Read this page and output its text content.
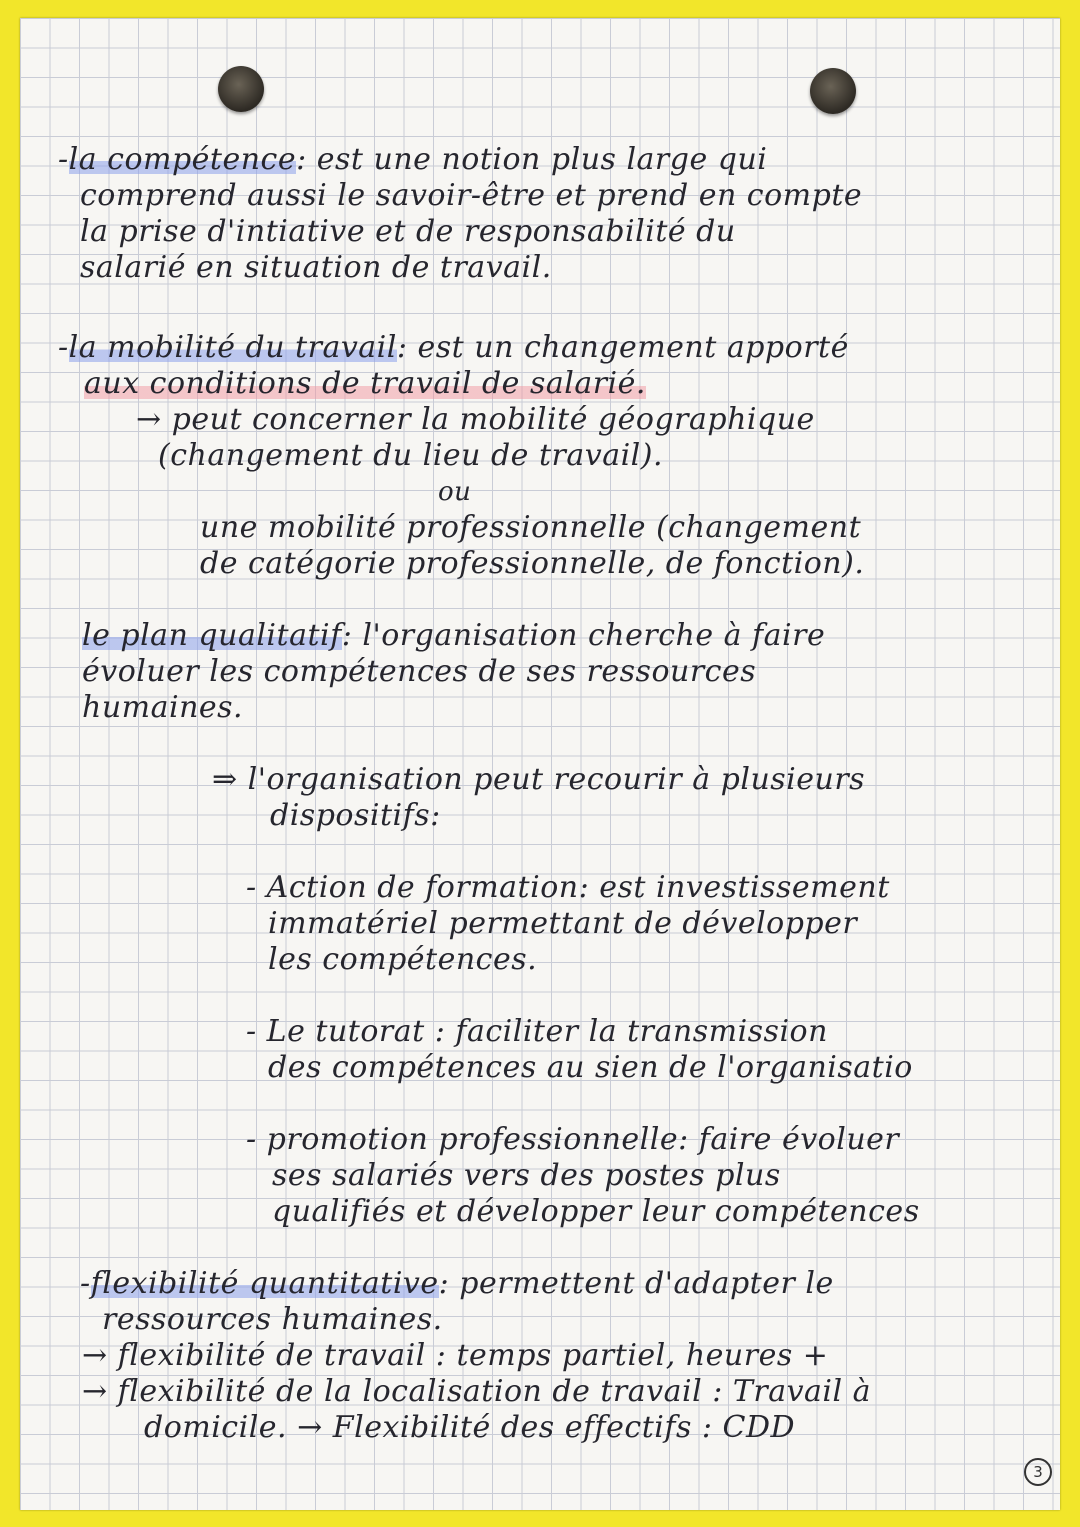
-la compétence: est une notion plus large qui
comprend aussi le savoir-être et prend en compte
la prise d'intiative et de responsabilité du
salarié en situation de travail.
-la mobilité du travail: est un changement apporté
aux conditions de travail de salarié.
→ peut concerner la mobilité géographique
(changement du lieu de travail).
ou
une mobilité professionnelle (changement
de catégorie professionnelle, de fonction).
le plan qualitatif: l'organisation cherche à faire
évoluer les compétences de ses ressources
humaines.
⇒ l'organisation peut recourir à plusieurs
dispositifs:
- Action de formation: est investissement
immatériel permettant de développer
les compétences.
- Le tutorat : faciliter la transmission
des compétences au sien de l'organisatio
- promotion professionnelle: faire évoluer
ses salariés vers des postes plus
qualifiés et développer leur compétences
-flexibilité quantitative: permettent d'adapter le
ressources humaines.
→ flexibilité de travail : temps partiel, heures +
→ flexibilité de la localisation de travail : Travail à
domicile. → Flexibilité des effectifs : CDD
3
